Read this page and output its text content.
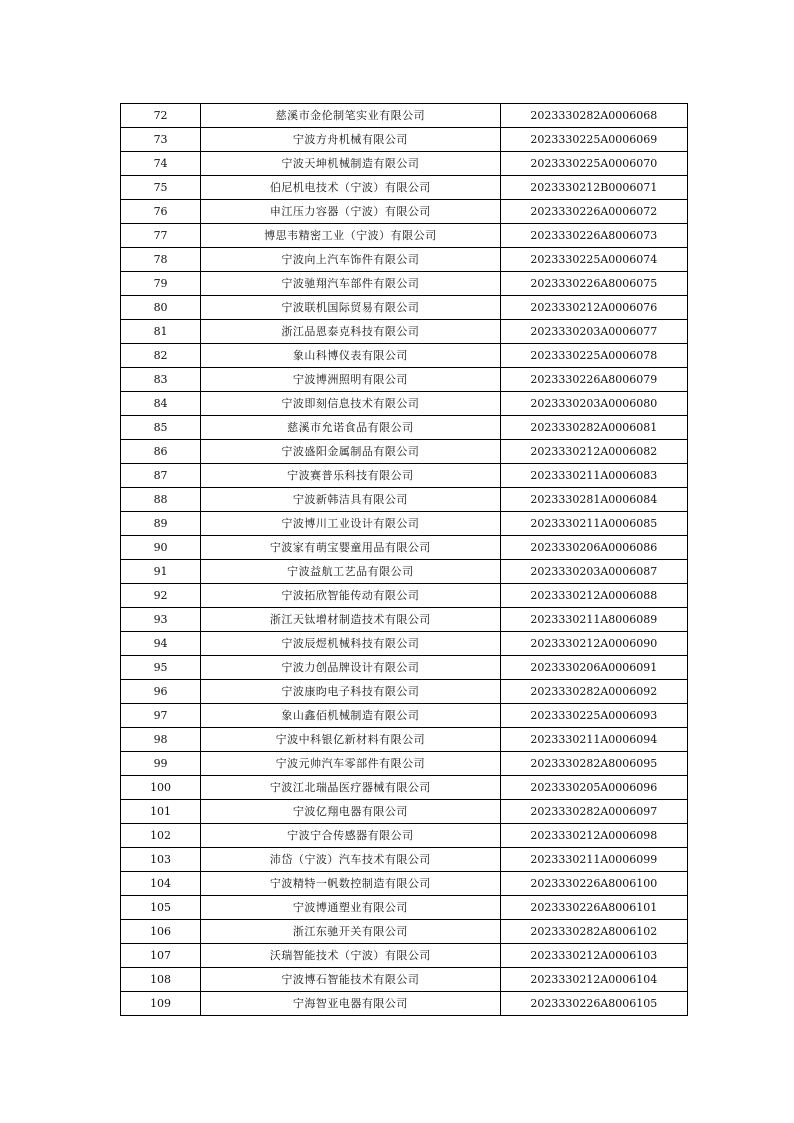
72	慈溪市金伦制笔实业有限公司	2023330282A0006068
73	宁波方舟机械有限公司	2023330225A0006069
74	宁波天坤机械制造有限公司	2023330225A0006070
75	伯尼机电技术（宁波）有限公司	2023330212B0006071
76	申江压力容器（宁波）有限公司	2023330226A0006072
77	博思韦精密工业（宁波）有限公司	2023330226A8006073
78	宁波向上汽车饰件有限公司	2023330225A0006074
79	宁波驰翔汽车部件有限公司	2023330226A8006075
80	宁波联机国际贸易有限公司	2023330212A0006076
81	浙江品恩泰克科技有限公司	2023330203A0006077
82	象山科博仪表有限公司	2023330225A0006078
83	宁波博洲照明有限公司	2023330226A8006079
84	宁波即刻信息技术有限公司	2023330203A0006080
85	慈溪市允诺食品有限公司	2023330282A0006081
86	宁波盛阳金属制品有限公司	2023330212A0006082
87	宁波赛普乐科技有限公司	2023330211A0006083
88	宁波新韩洁具有限公司	2023330281A0006084
89	宁波博川工业设计有限公司	2023330211A0006085
90	宁波家有萌宝婴童用品有限公司	2023330206A0006086
91	宁波益航工艺品有限公司	2023330203A0006087
92	宁波拓欣智能传动有限公司	2023330212A0006088
93	浙江天钛增材制造技术有限公司	2023330211A8006089
94	宁波辰煜机械科技有限公司	2023330212A0006090
95	宁波力创品牌设计有限公司	2023330206A0006091
96	宁波康昀电子科技有限公司	2023330282A0006092
97	象山鑫佰机械制造有限公司	2023330225A0006093
98	宁波中科银亿新材料有限公司	2023330211A0006094
99	宁波元帅汽车零部件有限公司	2023330282A8006095
100	宁波江北瑞晶医疗器械有限公司	2023330205A0006096
101	宁波亿翔电器有限公司	2023330282A0006097
102	宁波宁合传感器有限公司	2023330212A0006098
103	沛岱（宁波）汽车技术有限公司	2023330211A0006099
104	宁波精特一帆数控制造有限公司	2023330226A8006100
105	宁波博通塑业有限公司	2023330226A8006101
106	浙江东驰开关有限公司	2023330282A8006102
107	沃瑞智能技术（宁波）有限公司	2023330212A0006103
108	宁波博石智能技术有限公司	2023330212A0006104
109	宁海智亚电器有限公司	2023330226A8006105
